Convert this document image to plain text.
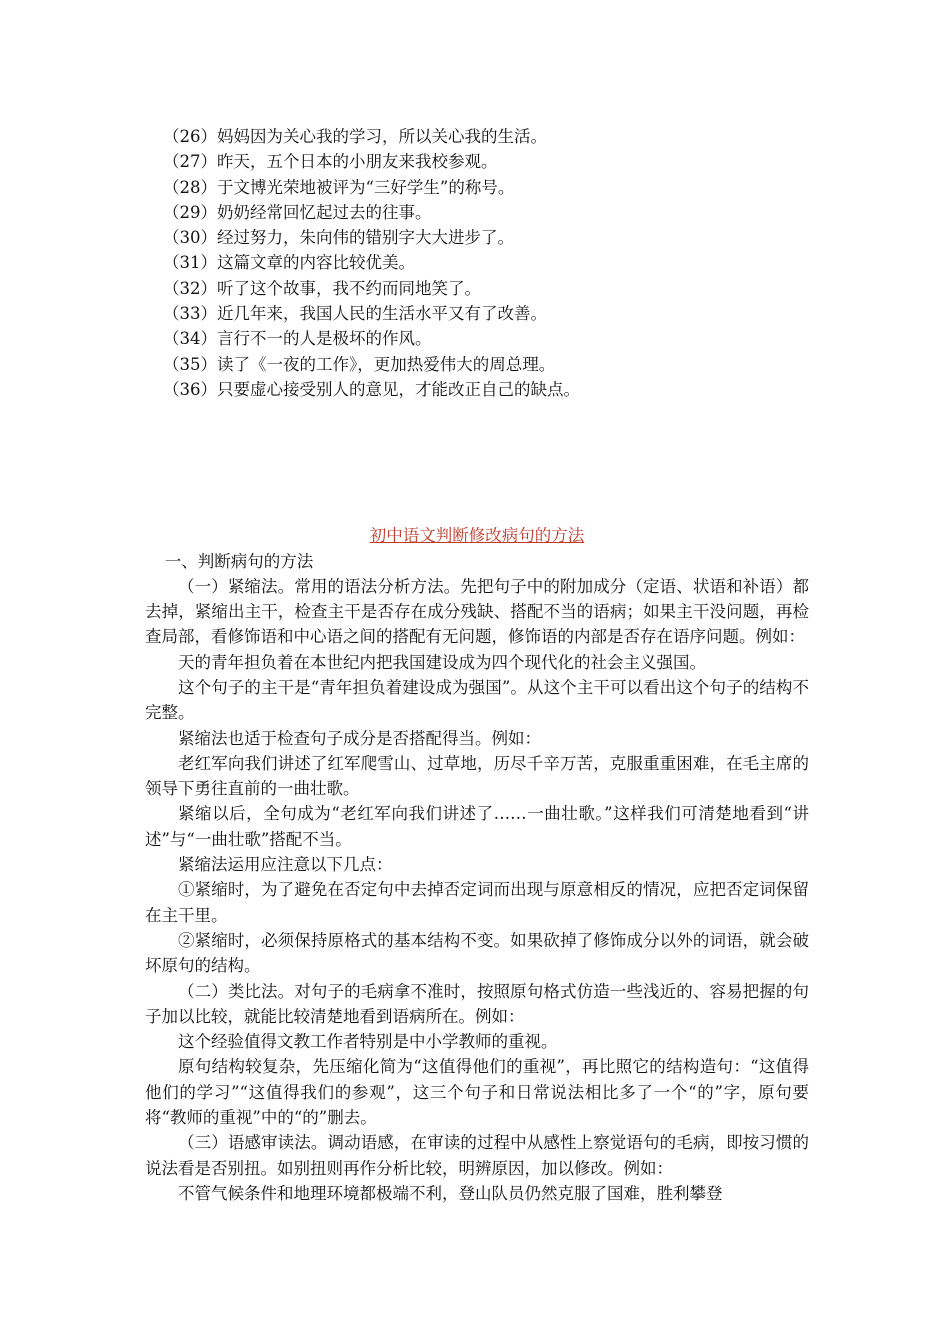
（26）妈妈因为关心我的学习，所以关心我的生活。
（27）昨天，五个日本的小朋友来我校参观。
（28）于文博光荣地被评为“三好学生”的称号。
（29）奶奶经常回忆起过去的往事。
（30）经过努力，朱向伟的错别字大大进步了。
（31）这篇文章的内容比较优美。
（32）听了这个故事，我不约而同地笑了。
（33）近几年来，我国人民的生活水平又有了改善。
（34）言行不一的人是极坏的作风。
（35）读了《一夜的工作》，更加热爱伟大的周总理。
（36）只要虚心接受别人的意见，才能改正自己的缺点。
初中语文判断修改病句的方法

一、判断病句的方法

（一）紧缩法。常用的语法分析方法。先把句子中的附加成分（定语、状语和补语）都去掉，紧缩出主干，检查主干是否存在成分残缺、搭配不当的语病；如果主干没问题，再检查局部，看修饰语和中心语之间的搭配有无问题，修饰语的内部是否存在语序问题。例如：

天的青年担负着在本世纪内把我国建设成为四个现代化的社会主义强国。

这个句子的主干是“青年担负着建设成为强国”。从这个主干可以看出这个句子的结构不完整。

紧缩法也适于检查句子成分是否搭配得当。例如：

老红军向我们讲述了红军爬雪山、过草地，历尽千辛万苦，克服重重困难，在毛主席的领导下勇往直前的一曲壮歌。

紧缩以后，全句成为“老红军向我们讲述了……一曲壮歌。”这样我们可清楚地看到“讲述”与“一曲壮歌”搭配不当。

紧缩法运用应注意以下几点：

①紧缩时，为了避免在否定句中去掉否定词而出现与原意相反的情况，应把否定词保留在主干里。

②紧缩时，必须保持原格式的基本结构不变。如果砍掉了修饰成分以外的词语，就会破坏原句的结构。

（二）类比法。对句子的毛病拿不准时，按照原句格式仿造一些浅近的、容易把握的句子加以比较，就能比较清楚地看到语病所在。例如：

这个经验值得文教工作者特别是中小学教师的重视。

原句结构较复杂，先压缩化简为“这值得他们的重视”，再比照它的结构造句：“这值得他们的学习”“这值得我们的参观”，这三个句子和日常说法相比多了一个“的”字，原句要将“教师的重视”中的“的”删去。

（三）语感审读法。调动语感，在审读的过程中从感性上察觉语句的毛病，即按习惯的说法看是否别扭。如别扭则再作分析比较，明辨原因，加以修改。例如：

不管气候条件和地理环境都极端不利，登山队员仍然克服了国难，胜利攀登
